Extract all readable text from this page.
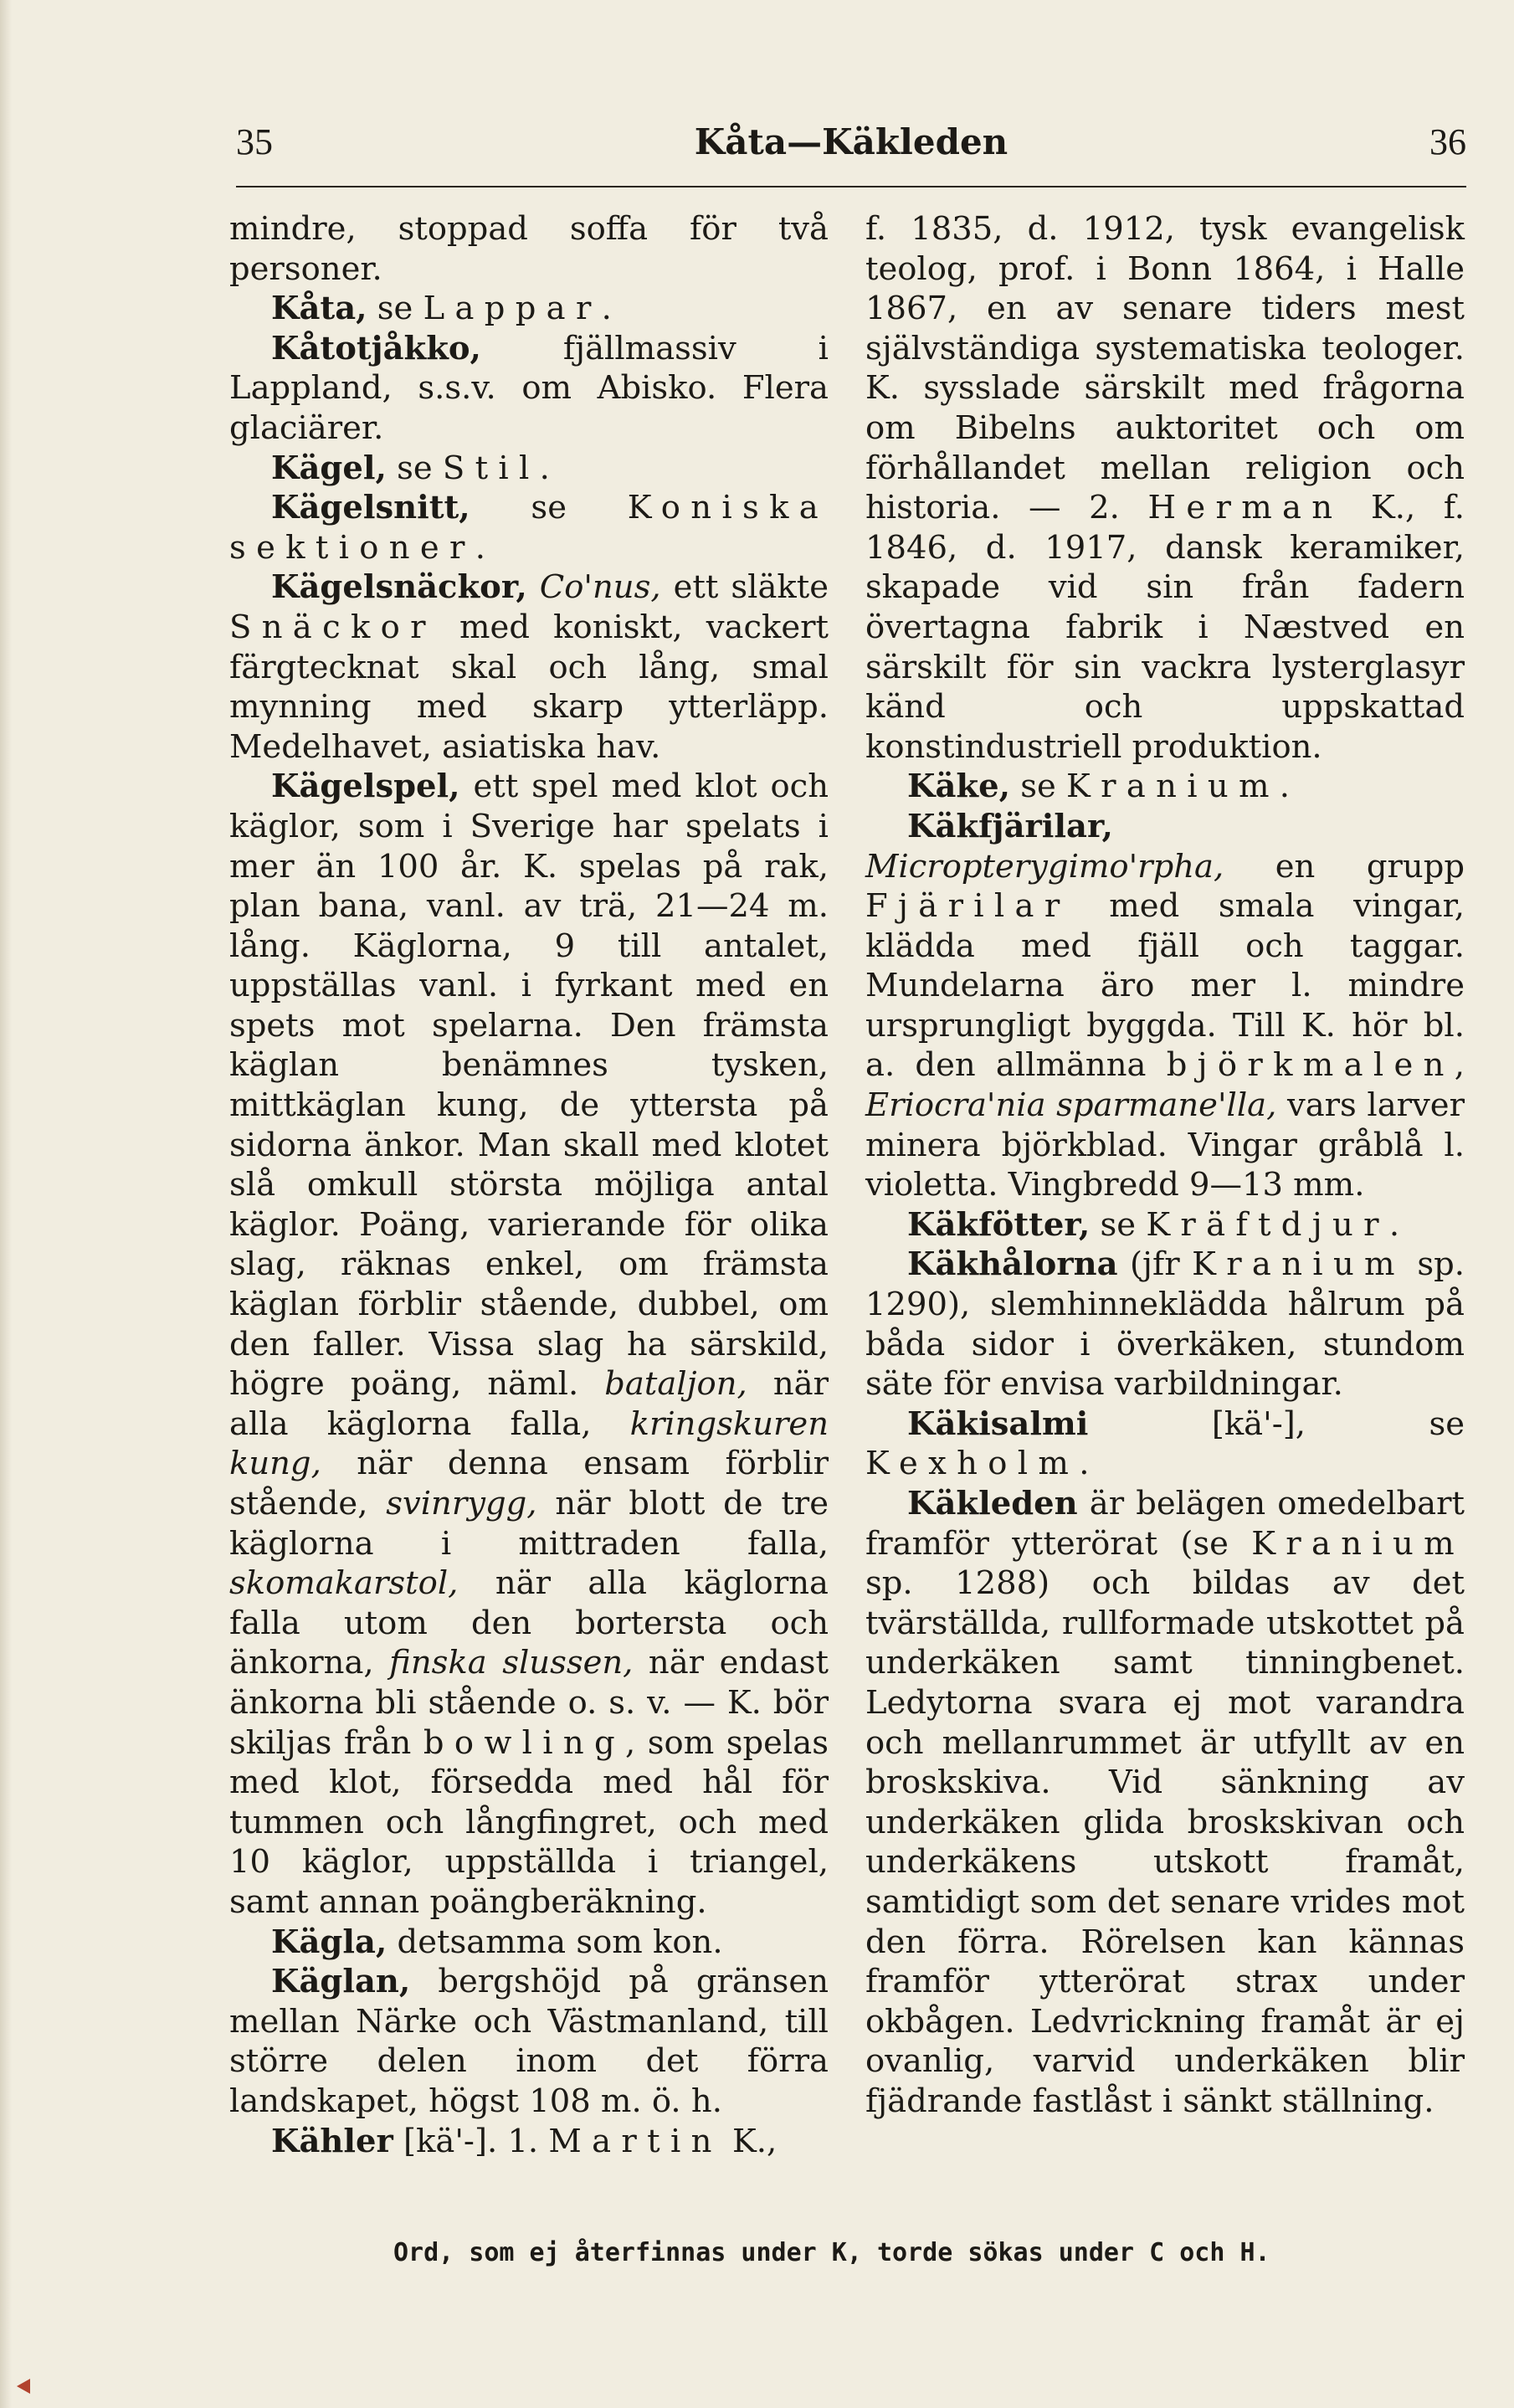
35	Kåta—Käkleden	36

mindre, stoppad soffa för två personer.

Kåta, se Lappar.

Kåtotjåkko, fjällmassiv i Lappland, s.s.v. om Abisko. Flera glaciärer.

Kägel, se Stil.

Kägelsnitt, se Koniska sektioner.

Kägelsnäckor, Co'nus, ett släkte Snäckor med koniskt, vackert färgtecknat skal och lång, smal mynning med skarp ytterläpp. Medelhavet, asiatiska hav.

Kägelspel, ett spel med klot och käglor, som i Sverige har spelats i mer än 100 år. K. spelas på rak, plan bana, vanl. av trä, 21—24 m. lång. Käglorna, 9 till antalet, uppställas vanl. i fyrkant med en spets mot spelarna. Den främsta käglan benämnes tysken, mittkäglan kung, de yttersta på sidorna änkor. Man skall med klotet slå omkull största möjliga antal käglor. Poäng, varierande för olika slag, räknas enkel, om främsta käglan förblir stående, dubbel, om den faller. Vissa slag ha särskild, högre poäng, näml. bataljon, när alla käglorna falla, kringskuren kung, när denna ensam förblir stående, svinrygg, när blott de tre käglorna i mittraden falla, skomakarstol, när alla käglorna falla utom den bortersta och änkorna, finska slussen, när endast änkorna bli stående o. s. v. — K. bör skiljas från bowling, som spelas med klot, försedda med hål för tummen och långfingret, och med 10 käglor, uppställda i triangel, samt annan poängberäkning.

Kägla, detsamma som kon.

Käglan, bergshöjd på gränsen mellan Närke och Västmanland, till större delen inom det förra landskapet, högst 108 m. ö. h.

Kähler [kä'-]. 1. Martin K.,

f. 1835, d. 1912, tysk evangelisk teolog, prof. i Bonn 1864, i Halle 1867, en av senare tiders mest självständiga systematiska teologer. K. sysslade särskilt med frågorna om Bibelns auktoritet och om förhållandet mellan religion och historia. — 2. Herman K., f. 1846, d. 1917, dansk keramiker, skapade vid sin från fadern övertagna fabrik i Næstved en särskilt för sin vackra lysterglasyr känd och uppskattad konstindustriell produktion.

Käke, se Kranium.

Käkfjärilar, Micropterygimo'rpha, en grupp Fjärilar med smala vingar, klädda med fjäll och taggar. Mundelarna äro mer l. mindre ursprungligt byggda. Till K. hör bl. a. den allmänna björkmalen, Eriocra'nia sparmane'lla, vars larver minera björkblad. Vingar gråblå l. violetta. Vingbredd 9—13 mm.

Käkfötter, se Kräftdjur.

Käkhålorna (jfr Kranium sp. 1290), slemhinneklädda hålrum på båda sidor i överkäken, stundom säte för envisa varbildningar.

Käkisalmi [kä'-], se Kexholm.

Käkleden är belägen omedelbart framför ytterörat (se Kranium sp. 1288) och bildas av det tvärställda, rullformade utskottet på underkäken samt tinningbenet. Ledytorna svara ej mot varandra och mellanrummet är utfyllt av en broskskiva. Vid sänkning av underkäken glida broskskivan och underkäkens utskott framåt, samtidigt som det senare vrides mot den förra. Rörelsen kan kännas framför ytterörat strax under okbågen. Ledvrickning framåt är ej ovanlig, varvid underkäken blir fjädrande fastlåst i sänkt ställning.

Ord, som ej återfinnas under K, torde sökas under C och H.
